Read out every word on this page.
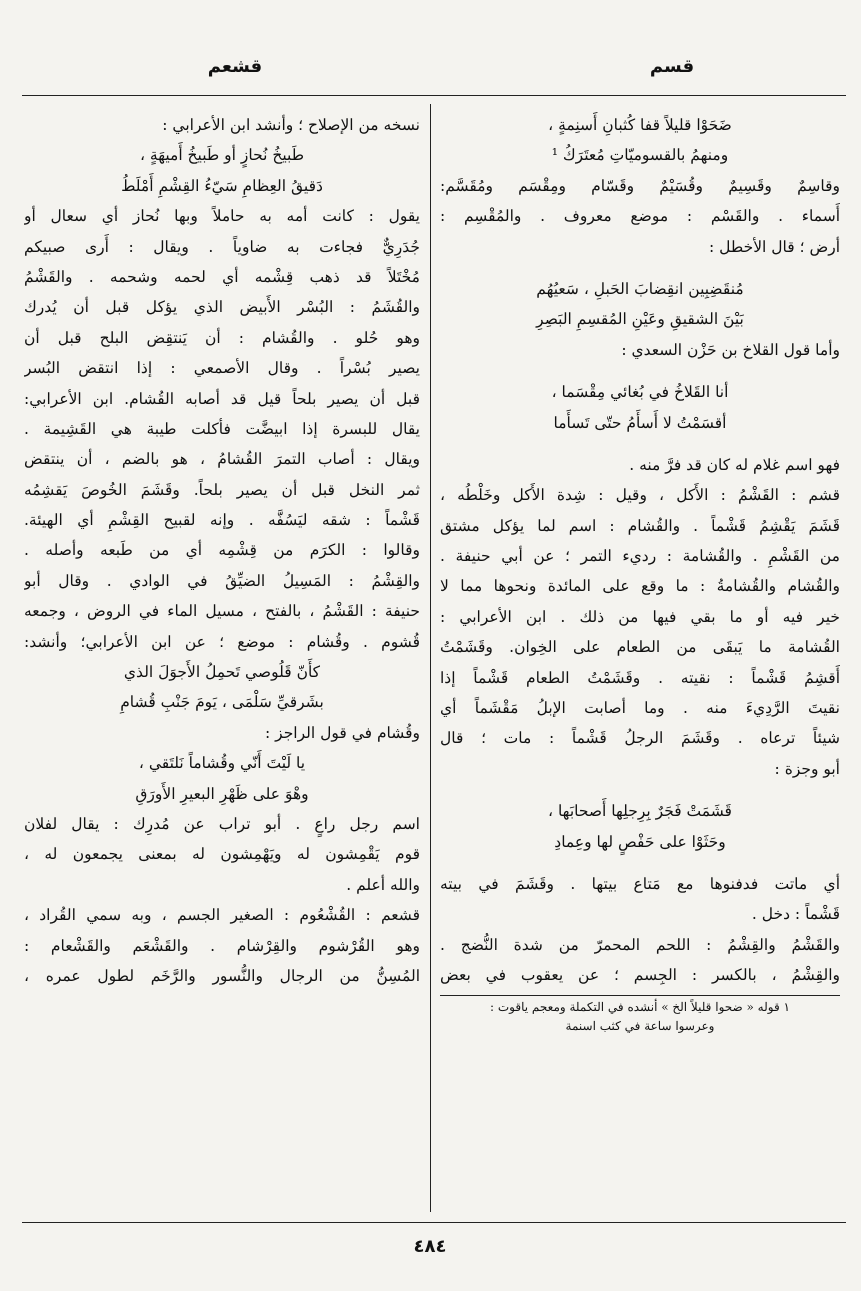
قسم
قشعم
ضَحَوْا قليلاً قفا كُثبانِ أَسنِمةٍ ،
ومنهمُ بالقسوميّاتِ مُعتَرَكُ ¹
وقاسِمٌ وقَسِيمٌ وقُسَيْمٌ وقَسّام ومِقْسَم ومُقَسَّم:
أَسماء . والقَسْم : موضع معروف . والمُقْسِم :
أرض ؛ قال الأخطل :
مُنقَضِبِين انقِضابَ الحَبلِ ، سَعيُهُم
بَيْنَ الشقيقِ وعَيْنِ المُقسِمِ البَصِرِ
وأما قول القلاخ بن حَزْن السعدي :
أنا القَلاخُ في بُغائي مِقْسَما ،
أقسَمْتُ لا أَسأَمُ حتّى تَسأَما
فهو اسم غلام له كان قد فرَّ منه .
قشم : القَشْمُ : الأَكل ، وقيل : شِدة الأَكل وخَلْطُه ،
قَشَمَ يَقْشِمُ قَشْماً . والقُشام : اسم لما يؤكل مشتق
من القَشْمِ . والقُشامة : رديء التمر ؛ عن أبي حنيفة .
والقُشام والقُشامةُ : ما وقع على المائدة ونحوها مما لا
خير فيه أو ما بقي فيها من ذلك . ابن الأعرابي :
القُشامة ما يَبقَى من الطعام على الخِوان. وقَشَمْتُ
أَقشِمُ قَشْماً : نقيته . وقَشَمْتُ الطعام قَشْماً إذا
نقيتَ الرَّدِيءَ منه . وما أصابت الإبلُ مَقْشَماً أي
شيئاً ترعاه . وقَشَمَ الرجلُ قَشْماً : مات ؛ قال
أبو وجزة :
قَشَمَتْ فَجَرٌ بِرِجلِها أَصحابَها ،
وحَثَوْا على حَفْصٍ لها وعِمادِ
أي ماتت فدفنوها مع مَتاع بيتها . وقَشَمَ في بيته
قَشْماً : دخل .
والقَشْمُ والقِشْمُ : اللحم المحمرّ من شدة النُّضج .
والقِشْمُ ، بالكسر : الجِسم ؛ عن يعقوب في بعض
١ قوله « ضحوا قليلاً الخ » أنشده في التكملة ومعجم ياقوت :
وعرسوا ساعة في كثب اسنمة
نسخه من الإصلاح ؛ وأنشد ابن الأعرابي :
طَبيخُ نُحازٍ أو طَبيخُ أَميهَةٍ ،
دَقيقُ العِظامِ سَيّءُ القِشْمِ أَمْلَطُ
يقول : كانت أمه به حاملاً وبها نُحاز أي سعال أو
جُدَرِيٌّ فجاءت به ضاوياً . ويقال : أَرى صبيكم
مُخْتَلاً قد ذهب قِشْمه أي لحمه وشحمه . والقَشْمُ
والقُشَمُ : البُسْر الأَبيض الذي يؤكل قبل أن يُدرك
وهو حُلو . والقُشام : أن يَنتقِض البلح قبل أن
يصير بُسْراً . وقال الأصمعي : إذا انتقض البُسر
قبل أن يصير بلحاً قيل قد أصابه القُشام. ابن الأعرابي:
يقال للبسرة إذا ابيضَّت فأكلت طيبة هي القَشِيمة .
ويقال : أصاب التمرَ القُشامُ ، هو بالضم ، أن ينتقض
ثمر النخل قبل أن يصير بلحاً. وقَشَمَ الخُوصَ يَقشِمُه
قَشْماً : شقه ليَسُفَّه . وإنه لقبيح القِشْمِ أي الهيئة.
وقالوا : الكرَم من قِشْمِه أي من طَبعه وأصله .
والقِشْمُ : المَسِيلُ الضيِّقُ في الوادي . وقال أبو
حنيفة : القَشْمُ ، بالفتح ، مسيل الماء في الروض ، وجمعه
قُشوم . وقُشام : موضع ؛ عن ابن الأعرابي؛ وأنشد:
كأَنّ قَلُوصي تَحمِلُ الأَجوَلَ الذي
بشَرقيِّ سَلْمَى ، يَومَ جَنْبِ قُشامِ
وقُشام في قول الراجز :
يا لَيْتَ أَنّي وقُشاماً نَلتَقي ،
وهْوَ على ظَهْرِ البعيرِ الأَورَقِ
اسم رجل راعٍ . أبو تراب عن مُدرِك : يقال لفلان
قوم يَقْمِشون له ويَهْمِشون له بمعنى يجمعون له ،
والله أعلم .
قشعم : القُشْعُوم : الصغير الجسم ، وبه سمي القُراد ،
وهو القُرْشوم والقِرْشام . والقَشْعَم والقَشْعام :
المُسِنُّ من الرجال والنُّسور والرَّخَم لطول عمره ،
٤٨٤
